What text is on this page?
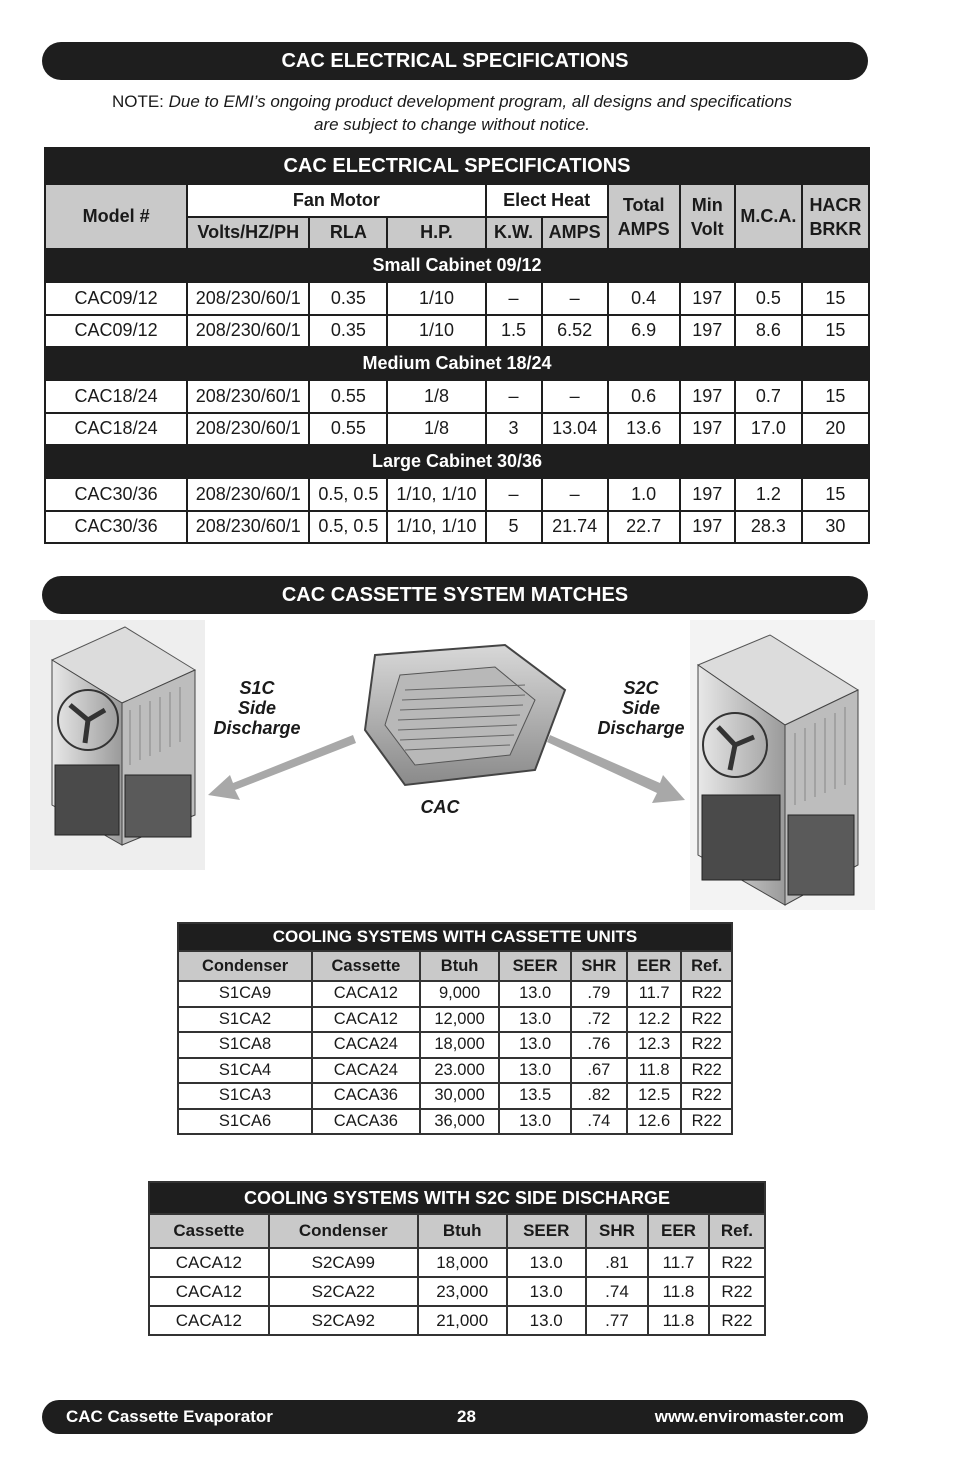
CAC ELECTRICAL SPECIFICATIONS
NOTE: Due to EMI’s ongoing product development program, all designs and specifications
are subject to change without notice.
CAC ELECTRICAL SPECIFICATIONS									
Model #	Fan Motor			Elect Heat		Total AMPS	Min Volt	M.C.A.	HACR BRKR
	Volts/HZ/PH	RLA	H.P.	K.W.	AMPS				
Small Cabinet 09/12									
CAC09/12	208/230/60/1	0.35	1/10	–	–	0.4	197	0.5	15
CAC09/12	208/230/60/1	0.35	1/10	1.5	6.52	6.9	197	8.6	15
Medium Cabinet 18/24									
CAC18/24	208/230/60/1	0.55	1/8	–	–	0.6	197	0.7	15
CAC18/24	208/230/60/1	0.55	1/8	3	13.04	13.6	197	17.0	20
Large Cabinet 30/36									
CAC30/36	208/230/60/1	0.5, 0.5	1/10, 1/10	–	–	1.0	197	1.2	15
CAC30/36	208/230/60/1	0.5, 0.5	1/10, 1/10	5	21.74	22.7	197	28.3	30
CAC CASSETTE SYSTEM MATCHES
S1C
Side
Discharge
S2C
Side
Discharge
CAC
COOLING SYSTEMS WITH CASSETTE UNITS						
Condenser	Cassette	Btuh	SEER	SHR	EER	Ref.
S1CA9	CACA12	9,000	13.0	.79	11.7	R22
S1CA2	CACA12	12,000	13.0	.72	12.2	R22
S1CA8	CACA24	18,000	13.0	.76	12.3	R22
S1CA4	CACA24	23.000	13.0	.67	11.8	R22
S1CA3	CACA36	30,000	13.5	.82	12.5	R22
S1CA6	CACA36	36,000	13.0	.74	12.6	R22
COOLING SYSTEMS WITH S2C SIDE DISCHARGE						
Cassette	Condenser	Btuh	SEER	SHR	EER	Ref.
CACA12	S2CA99	18,000	13.0	.81	11.7	R22
CACA12	S2CA22	23,000	13.0	.74	11.8	R22
CACA12	S2CA92	21,000	13.0	.77	11.8	R22
CAC Cassette Evaporator	28	www.enviromaster.com
